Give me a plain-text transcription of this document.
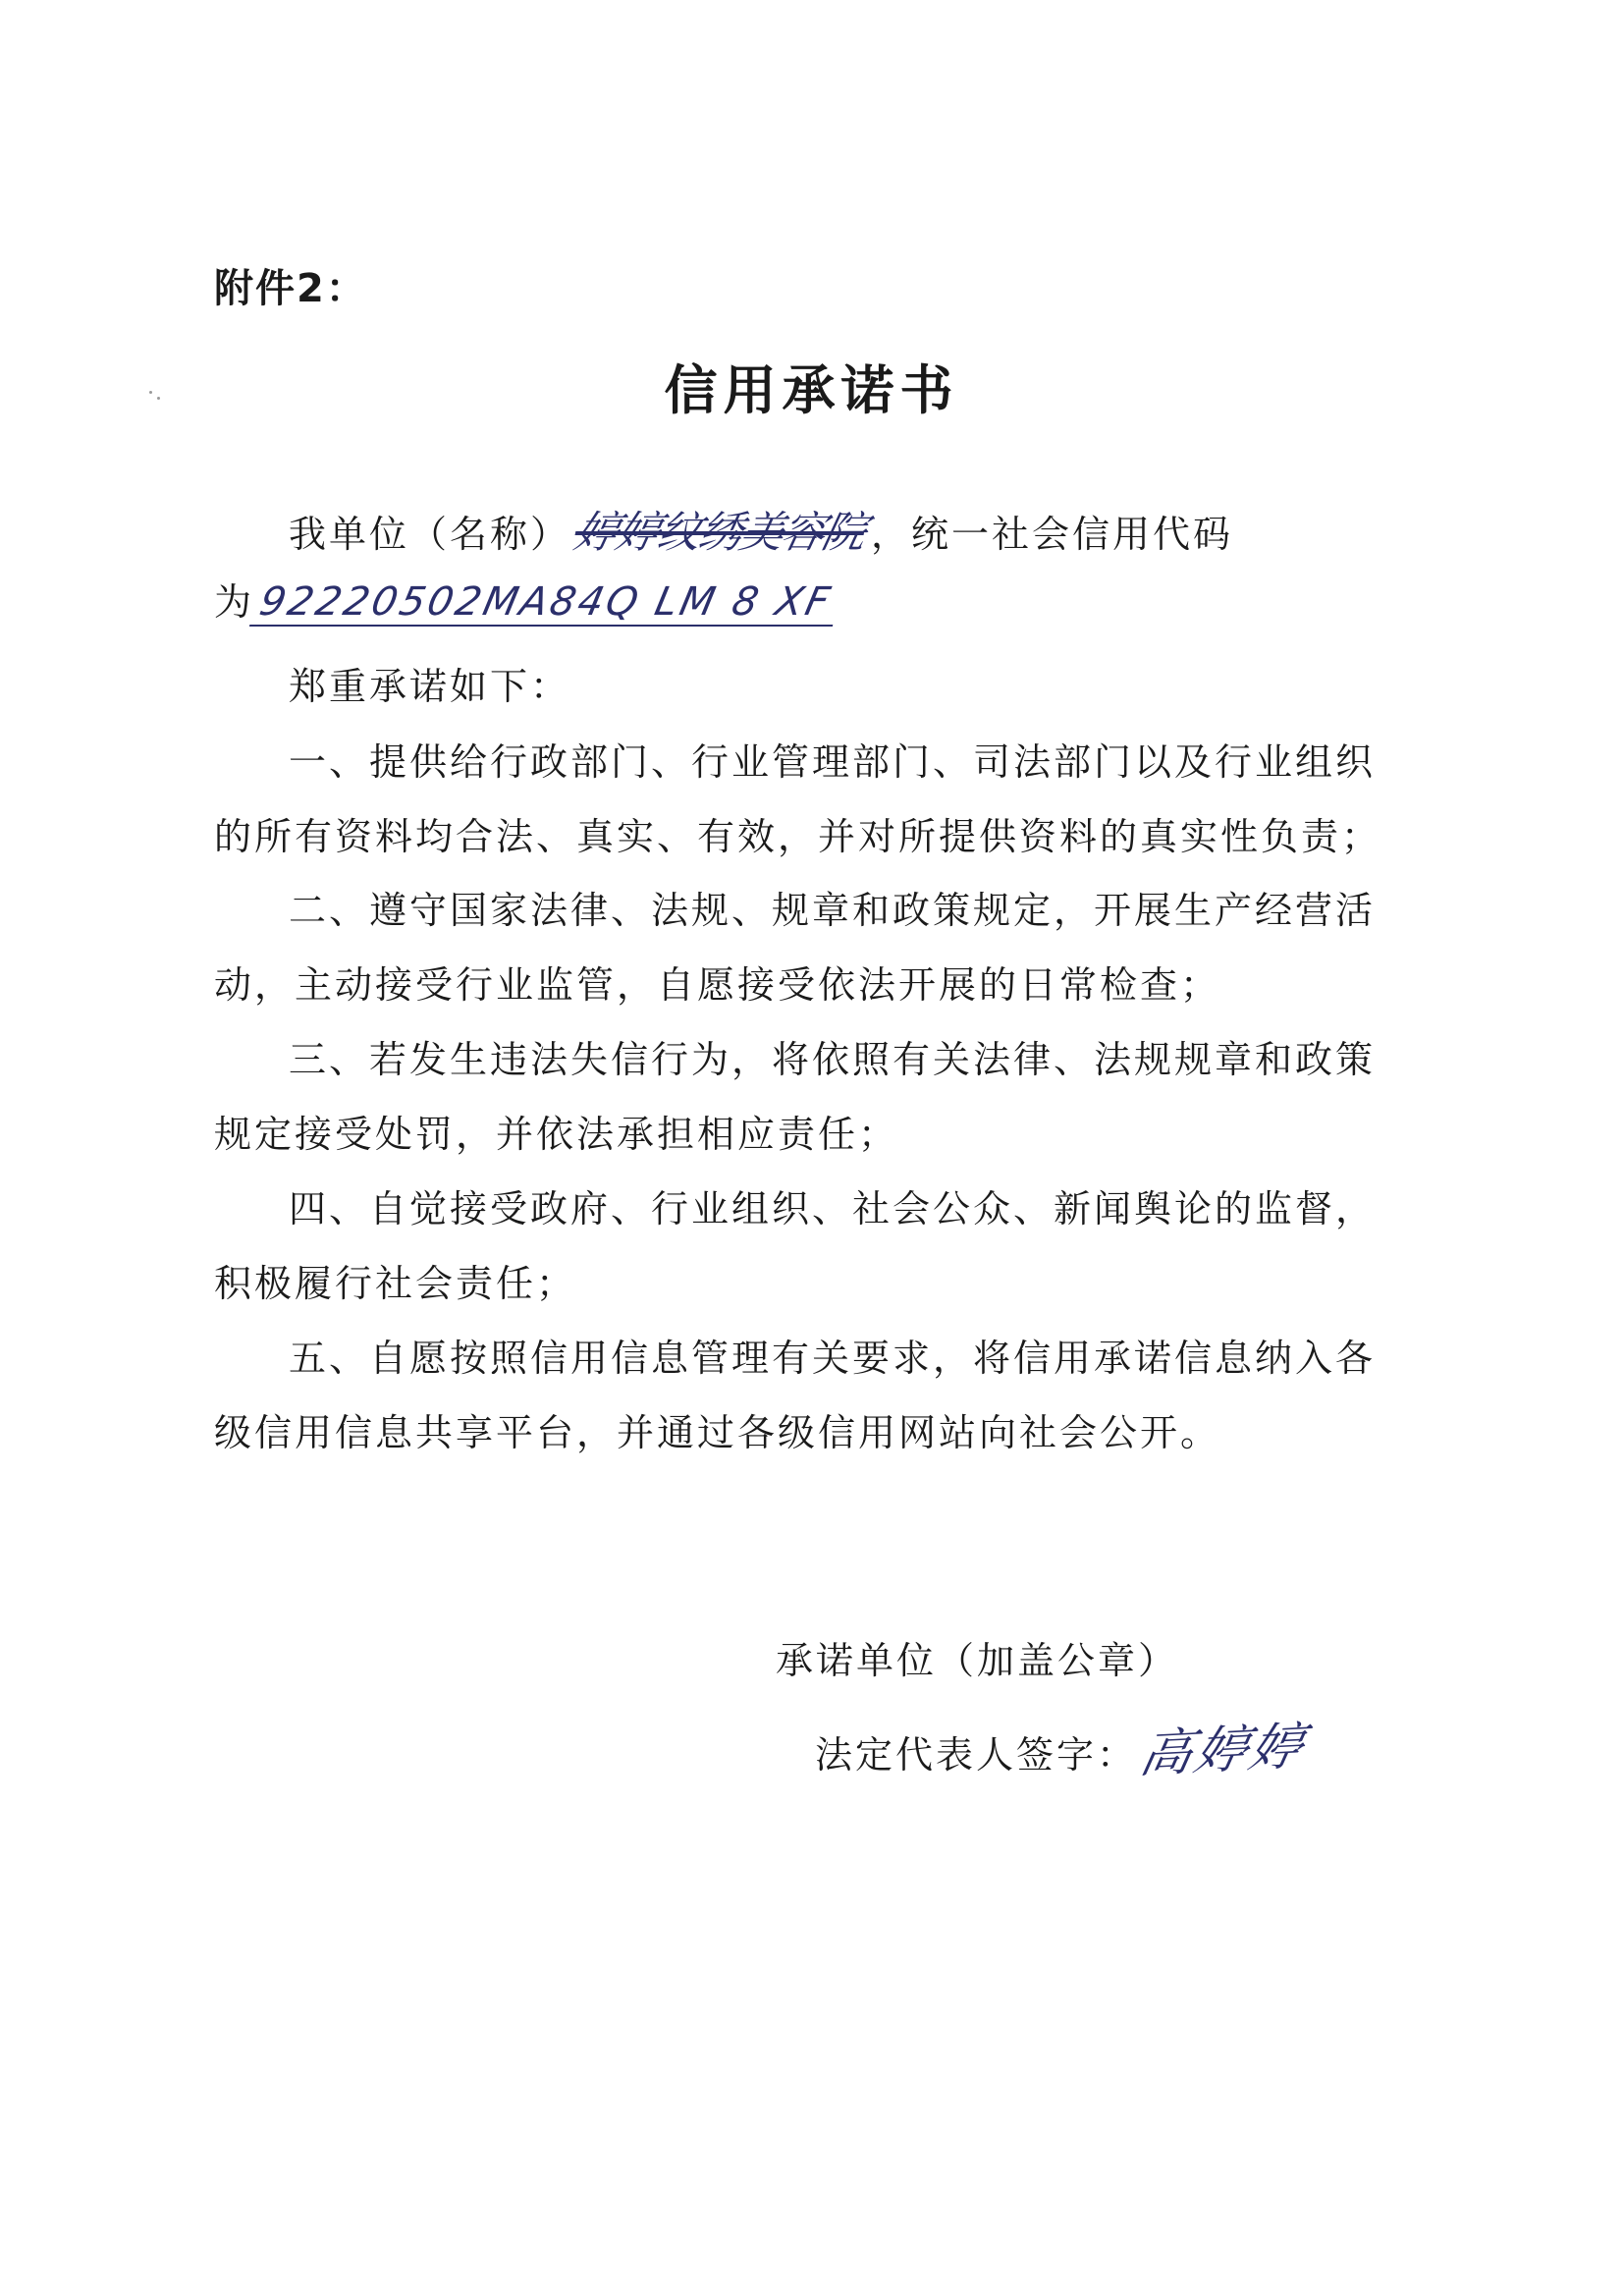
附件2：
信用承诺书
我单位（名称）婷婷纹绣美容院，统一社会信用代码
为92220502MA84Q LM 8 XF
郑重承诺如下：
一、提供给行政部门、行业管理部门、司法部门以及行业组织
的所有资料均合法、真实、有效，并对所提供资料的真实性负责；
二、遵守国家法律、法规、规章和政策规定，开展生产经营活
动，主动接受行业监管，自愿接受依法开展的日常检查；
三、若发生违法失信行为，将依照有关法律、法规规章和政策
规定接受处罚，并依法承担相应责任；
四、自觉接受政府、行业组织、社会公众、新闻舆论的监督，
积极履行社会责任；
五、自愿按照信用信息管理有关要求，将信用承诺信息纳入各
级信用信息共享平台，并通过各级信用网站向社会公开。
承诺单位（加盖公章）
法定代表人签字：高婷婷
